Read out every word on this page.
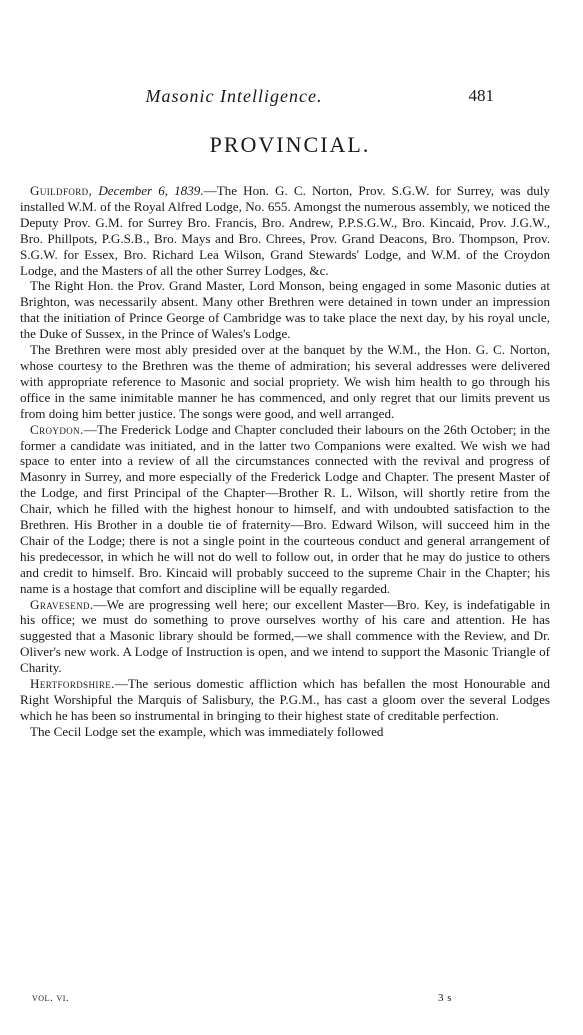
Masonic Intelligence.	481
PROVINCIAL.

Guildford, December 6, 1839.—The Hon. G. C. Norton, Prov. S.G.W. for Surrey, was duly installed W.M. of the Royal Alfred Lodge, No. 655. Amongst the numerous assembly, we noticed the Deputy Prov. G.M. for Surrey Bro. Francis, Bro. Andrew, P.P.S.G.W., Bro. Kincaid, Prov. J.G.W., Bro. Phillpots, P.G.S.B., Bro. Mays and Bro. Chrees, Prov. Grand Deacons, Bro. Thompson, Prov. S.G.W. for Essex, Bro. Richard Lea Wilson, Grand Stewards' Lodge, and W.M. of the Croydon Lodge, and the Masters of all the other Surrey Lodges, &c.

The Right Hon. the Prov. Grand Master, Lord Monson, being engaged in some Masonic duties at Brighton, was necessarily absent. Many other Brethren were detained in town under an impression that the initiation of Prince George of Cambridge was to take place the next day, by his royal uncle, the Duke of Sussex, in the Prince of Wales's Lodge.

The Brethren were most ably presided over at the banquet by the W.M., the Hon. G. C. Norton, whose courtesy to the Brethren was the theme of admiration; his several addresses were delivered with appropriate reference to Masonic and social propriety. We wish him health to go through his office in the same inimitable manner he has commenced, and only regret that our limits prevent us from doing him better justice. The songs were good, and well arranged.

Croydon.—The Frederick Lodge and Chapter concluded their labours on the 26th October; in the former a candidate was initiated, and in the latter two Companions were exalted. We wish we had space to enter into a review of all the circumstances connected with the revival and progress of Masonry in Surrey, and more especially of the Frederick Lodge and Chapter. The present Master of the Lodge, and first Principal of the Chapter—Brother R. L. Wilson, will shortly retire from the Chair, which he filled with the highest honour to himself, and with undoubted satisfaction to the Brethren. His Brother in a double tie of fraternity—Bro. Edward Wilson, will succeed him in the Chair of the Lodge; there is not a single point in the courteous conduct and general arrangement of his predecessor, in which he will not do well to follow out, in order that he may do justice to others and credit to himself. Bro. Kincaid will probably succeed to the supreme Chair in the Chapter; his name is a hostage that comfort and discipline will be equally regarded.

Gravesend.—We are progressing well here; our excellent Master—Bro. Key, is indefatigable in his office; we must do something to prove ourselves worthy of his care and attention. He has suggested that a Masonic library should be formed,—we shall commence with the Review, and Dr. Oliver's new work. A Lodge of Instruction is open, and we intend to support the Masonic Triangle of Charity.

Hertfordshire.—The serious domestic affliction which has befallen the most Honourable and Right Worshipful the Marquis of Salisbury, the P.G.M., has cast a gloom over the several Lodges which he has been so instrumental in bringing to their highest state of creditable perfection.

The Cecil Lodge set the example, which was immediately followed

vol. vi.	3 s
